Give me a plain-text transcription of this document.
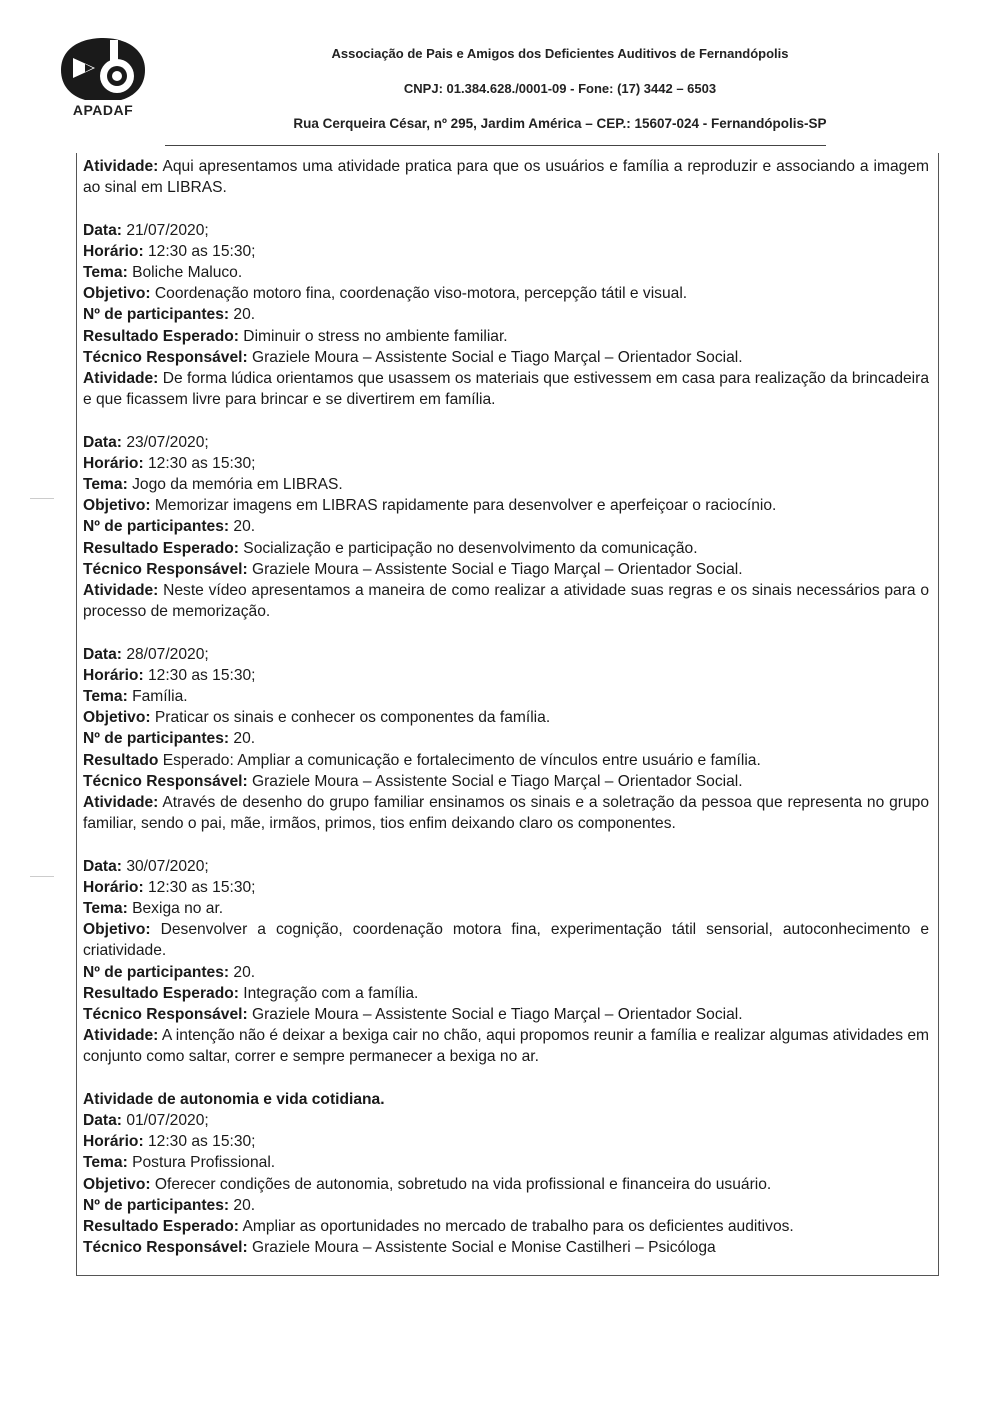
APADAF
Associação de Pais e Amigos dos Deficientes Auditivos de Fernandópolis
CNPJ: 01.384.628./0001-09 - Fone: (17) 3442 – 6503
Rua Cerqueira César, nº 295, Jardim América – CEP.: 15607-024 - Fernandópolis-SP

Atividade: Aqui apresentamos uma atividade pratica para que os usuários e família a reproduzir e associando a imagem ao sinal em LIBRAS.

Data: 21/07/2020;

Horário: 12:30 as 15:30;

Tema: Boliche Maluco.

Objetivo: Coordenação motoro fina, coordenação viso-motora, percepção tátil e visual.

Nº de participantes: 20.

Resultado Esperado: Diminuir o stress no ambiente familiar.

Técnico Responsável: Graziele Moura – Assistente Social e Tiago Marçal – Orientador Social.

Atividade: De forma lúdica orientamos que usassem os materiais que estivessem em casa para realização da brincadeira e que ficassem livre para brincar e se divertirem em família.

Data: 23/07/2020;

Horário: 12:30 as 15:30;

Tema: Jogo da memória em LIBRAS.

Objetivo: Memorizar imagens em LIBRAS rapidamente para desenvolver e aperfeiçoar o raciocínio.

Nº de participantes: 20.

Resultado Esperado: Socialização e participação no desenvolvimento da comunicação.

Técnico Responsável: Graziele Moura – Assistente Social e Tiago Marçal – Orientador Social.

Atividade: Neste vídeo apresentamos a maneira de como realizar a atividade suas regras e os sinais necessários para o processo de memorização.

Data: 28/07/2020;

Horário: 12:30 as 15:30;

Tema: Família.

Objetivo: Praticar os sinais e conhecer os componentes da família.

Nº de participantes: 20.

Resultado Esperado: Ampliar a comunicação e fortalecimento de vínculos entre usuário e família.

Técnico Responsável: Graziele Moura – Assistente Social e Tiago Marçal – Orientador Social.

Atividade: Através de desenho do grupo familiar ensinamos os sinais e a soletração da pessoa que representa no grupo familiar, sendo o pai, mãe, irmãos, primos, tios enfim deixando claro os componentes.

Data: 30/07/2020;

Horário: 12:30 as 15:30;

Tema: Bexiga no ar.

Objetivo: Desenvolver a cognição, coordenação motora fina, experimentação tátil sensorial, autoconhecimento e criatividade.

Nº de participantes: 20.

Resultado Esperado: Integração com a família.

Técnico Responsável: Graziele Moura – Assistente Social e Tiago Marçal – Orientador Social.

Atividade: A intenção não é deixar a bexiga cair no chão, aqui propomos reunir a família e realizar algumas atividades em conjunto como saltar, correr e sempre permanecer a bexiga no ar.

Atividade de autonomia e vida cotidiana.

Data: 01/07/2020;

Horário: 12:30 as 15:30;

Tema: Postura Profissional.

Objetivo: Oferecer condições de autonomia, sobretudo na vida profissional e financeira do usuário.

Nº de participantes: 20.

Resultado Esperado: Ampliar as oportunidades no mercado de trabalho para os deficientes auditivos.

Técnico Responsável: Graziele Moura – Assistente Social e Monise Castilheri – Psicóloga
